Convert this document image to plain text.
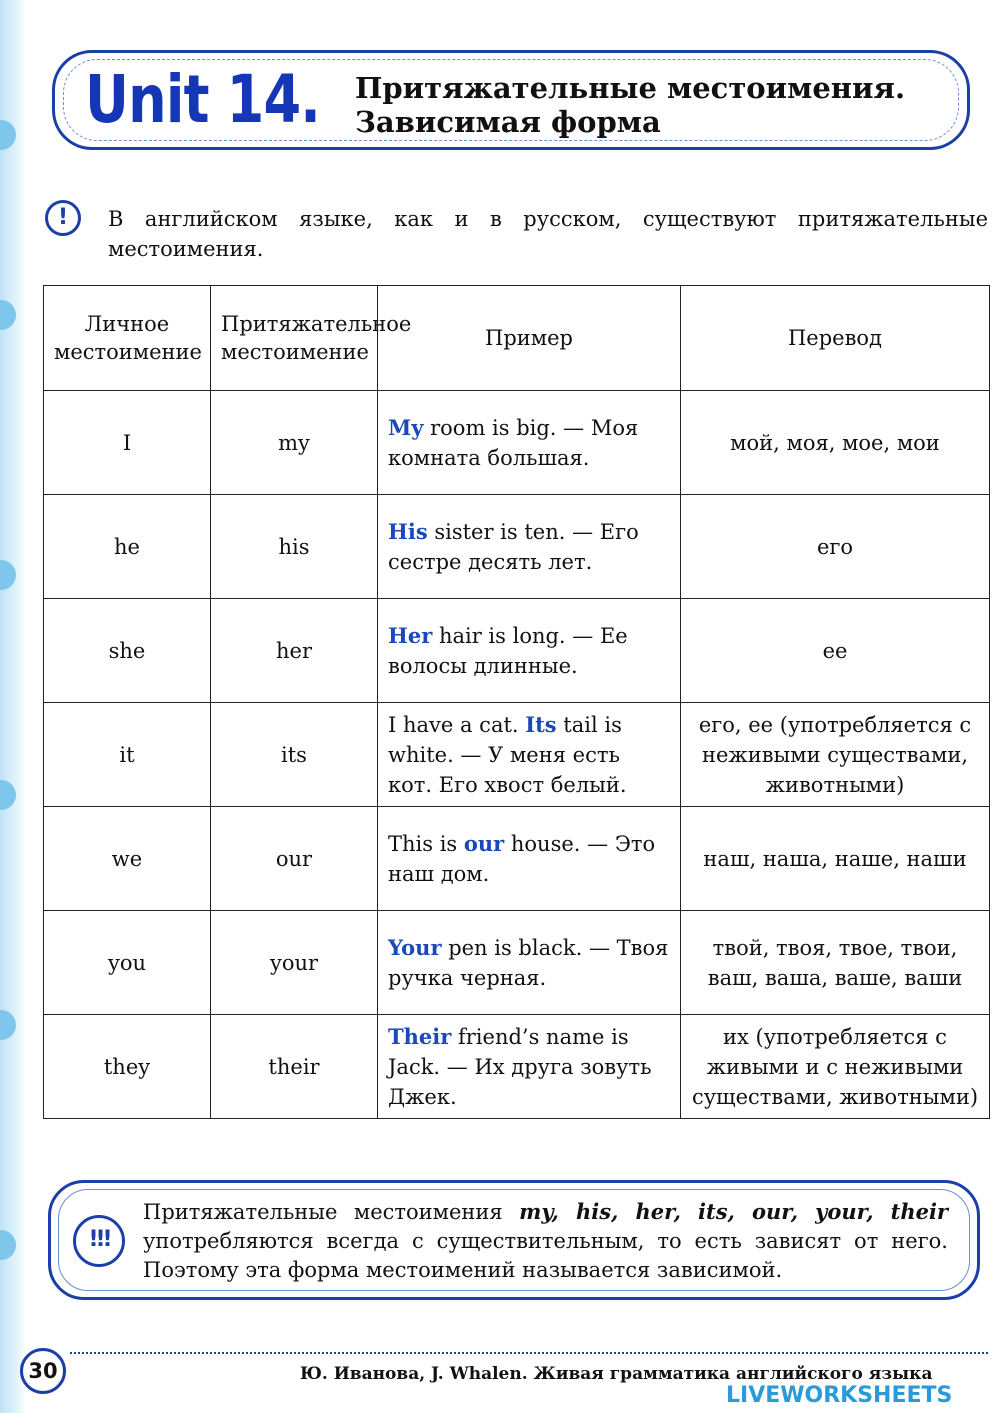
Unit 14. Притяжательные местоимения.
Зависимая форма
!	В английском языке, как и в русском, существуют притяжательные местоимения.
Личное местоимение	Притяжательное местоимение	Пример	Перевод
I	my	My room is big. — Моя комната большая.	мой, моя, мое, мои
he	his	His sister is ten. — Его сестре десять лет.	его
she	her	Her hair is long. — Ее волосы длинные.	ее
it	its	I have a cat. Its tail is white. — У меня есть кот. Его хвост белый.	его, ее (употребляется с неживыми существами, животными)
we	our	This is our house. — Это наш дом.	наш, наша, наше, наши
you	your	Your pen is black. — Твоя ручка черная.	твой, твоя, твое, твои, ваш, ваша, ваше, ваши
they	their	Their friend’s name is Jack. — Их друга зовуть Джек.	их (употребляется с живыми и с неживыми существами, животными)
!!!
Притяжательные местоимения my, his, her, its, our, your, their употребляются всегда с существительным, то есть зависят от него. Поэтому эта форма местоимений называется зависимой.
30	Ю. Иванова, J. Whalen. Живая грамматика английского языка
LIVEWORKSHEETS
